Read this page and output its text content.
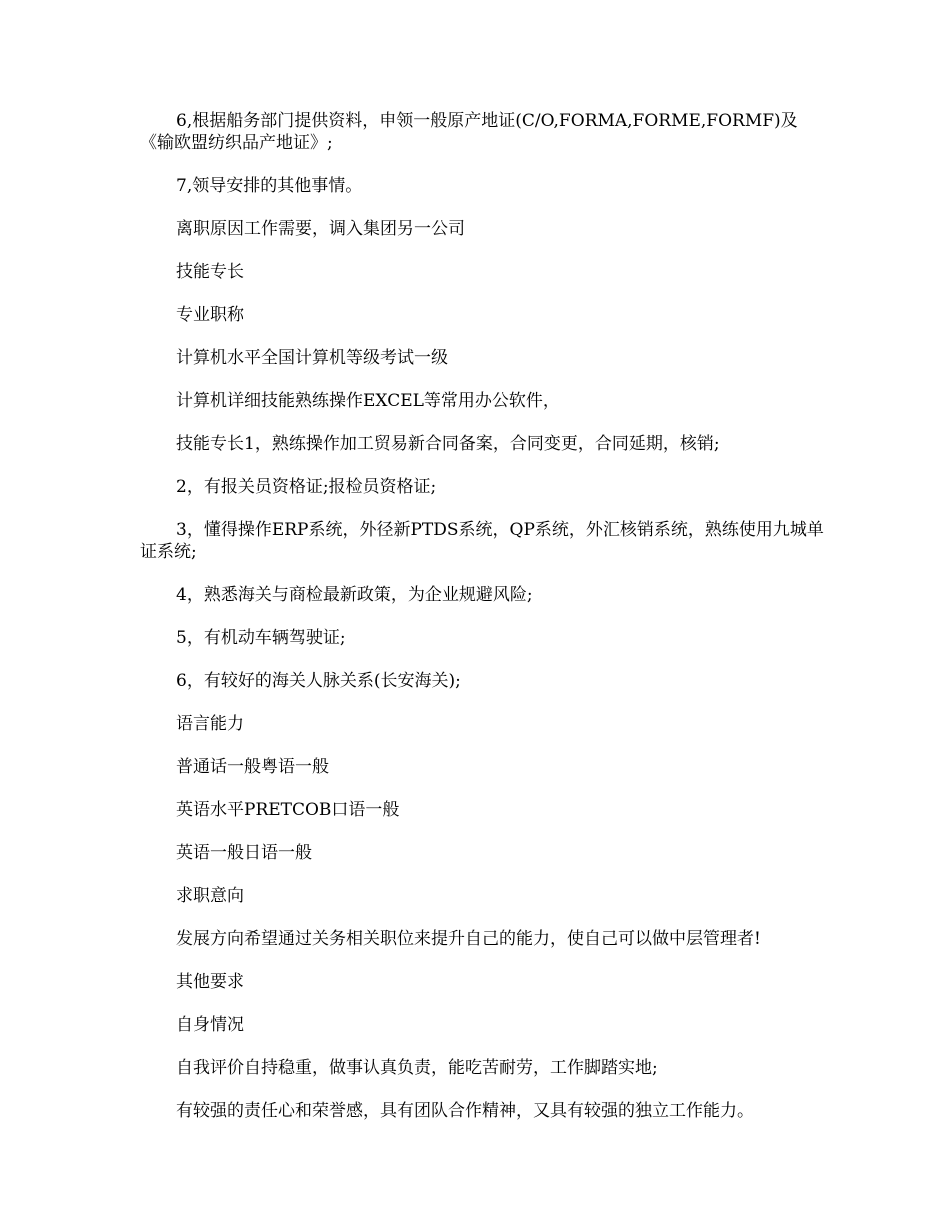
6,根据船务部门提供资料，申领一般原产地证(C/O,FORMA,FORME,FORMF)及《输欧盟纺织品产地证》;

7,领导安排的其他事情。

离职原因工作需要，调入集团另一公司

技能专长

专业职称

计算机水平全国计算机等级考试一级

计算机详细技能熟练操作EXCEL等常用办公软件，

技能专长1，熟练操作加工贸易新合同备案，合同变更，合同延期，核销;

2，有报关员资格证;报检员资格证;

3，懂得操作ERP系统，外径新PTDS系统，QP系统，外汇核销系统，熟练使用九城单证系统;

4，熟悉海关与商检最新政策，为企业规避风险;

5，有机动车辆驾驶证;

6，有较好的海关人脉关系(长安海关);

语言能力

普通话一般粤语一般

英语水平PRETCOB口语一般

英语一般日语一般

求职意向

发展方向希望通过关务相关职位来提升自己的能力，使自己可以做中层管理者!

其他要求

自身情况

自我评价自持稳重，做事认真负责，能吃苦耐劳，工作脚踏实地;

有较强的责任心和荣誉感，具有团队合作精神，又具有较强的独立工作能力。
